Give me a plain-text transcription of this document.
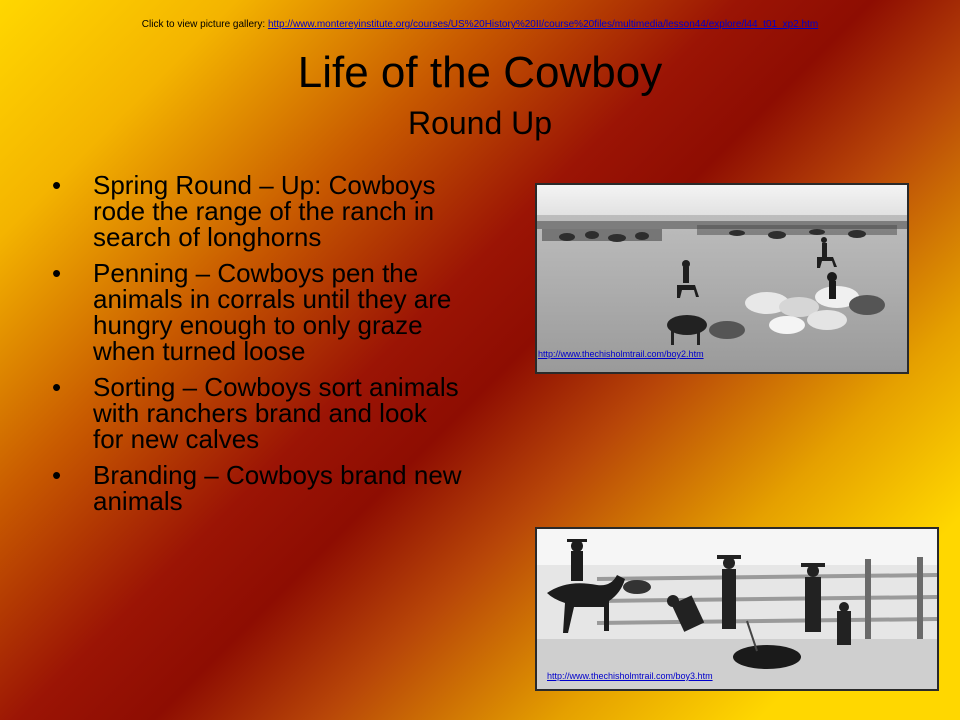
Click to view picture gallery: http://www.montereyinstitute.org/courses/US%20History%20II/course%20files/multimedia/lesson44/explore/l44_t01_xp2.htm
Life of the Cowboy
Round Up
• Spring Round – Up: Cowboys rode the range of the ranch in search of longhorns
• Penning – Cowboys pen the animals in corrals until they are hungry enough to only graze when turned loose
• Sorting – Cowboys sort animals with ranchers brand and look for new calves
• Branding – Cowboys brand new animals
http://www.thechisholmtrail.com/boy2.htm
http://www.thechisholmtrail.com/boy3.htm
